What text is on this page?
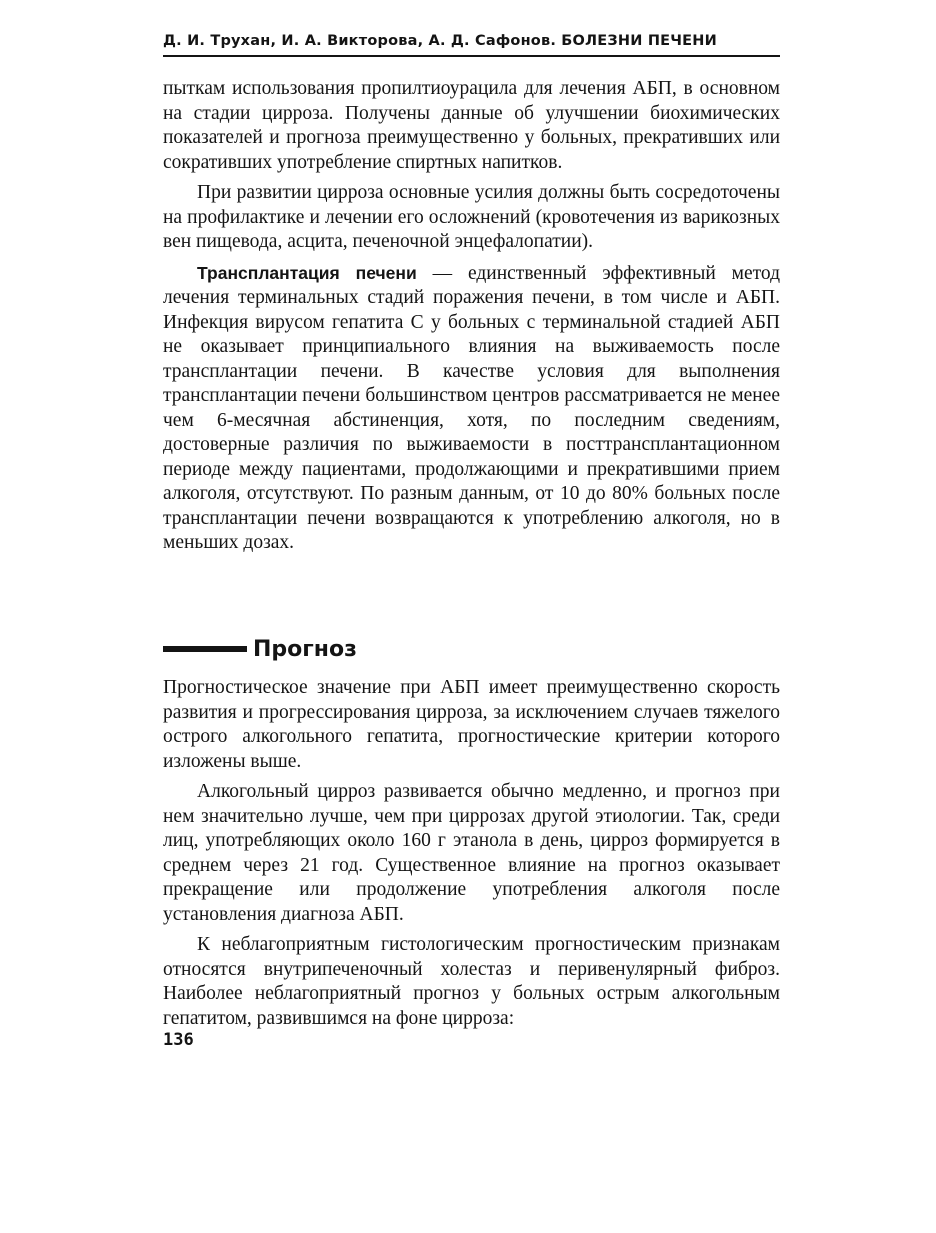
Д. И. Трухан, И. А. Викторова, А. Д. Сафонов. БОЛЕЗНИ ПЕЧЕНИ

пыткам использования пропилтиоурацила для лечения АБП, в основном на стадии цирроза. Получены данные об улучшении биохимических показателей и прогноза преимущественно у больных, прекративших или сокративших употребление спиртных напитков.

При развитии цирроза основные усилия должны быть сосредоточены на профилактике и лечении его осложнений (кровотечения из варикозных вен пищевода, асцита, печеночной энцефалопатии).

Трансплантация печени — единственный эффективный метод лечения терминальных стадий поражения печени, в том числе и АБП. Инфекция вирусом гепатита С у больных с терминальной стадией АБП не оказывает принципиального влияния на выживаемость после трансплантации печени. В качестве условия для выполнения трансплантации печени большинством центров рассматривается не менее чем 6-месячная абстиненция, хотя, по последним сведениям, достоверные различия по выживаемости в посттрансплантационном периоде между пациентами, продолжающими и прекратившими прием алкоголя, отсутствуют. По разным данным, от 10 до 80% больных после трансплантации печени возвращаются к употреблению алкоголя, но в меньших дозах.

Прогноз

Прогностическое значение при АБП имеет преимущественно скорость развития и прогрессирования цирроза, за исключением случаев тяжелого острого алкогольного гепатита, прогностические критерии которого изложены выше.

Алкогольный цирроз развивается обычно медленно, и прогноз при нем значительно лучше, чем при циррозах другой этиологии. Так, среди лиц, употребляющих около 160 г этанола в день, цирроз формируется в среднем через 21 год. Существенное влияние на прогноз оказывает прекращение или продолжение употребления алкоголя после установления диагноза АБП.

К неблагоприятным гистологическим прогностическим признакам относятся внутрипеченочный холестаз и перивенулярный фиброз. Наиболее неблагоприятный прогноз у больных острым алкогольным гепатитом, развившимся на фоне цирроза:

136
